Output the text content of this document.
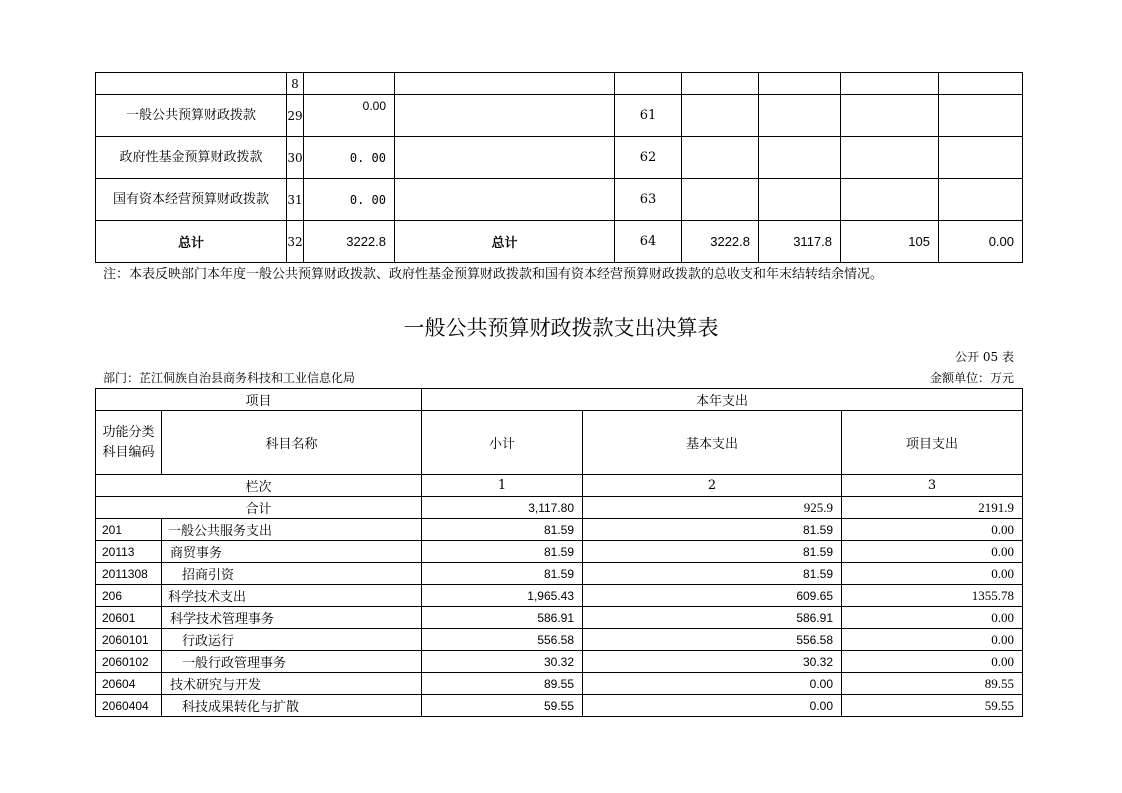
	8							
一般公共预算财政拨款	29	0.00		61				
政府性基金预算财政拨款	30	0. 00		62				
国有资本经营预算财政拨款	31	0. 00		63				
总计	32	3222.8	总计	64	3222.8	3117.8	105	0.00

注：本表反映部门本年度一般公共预算财政拨款、政府性基金预算财政拨款和国有资本经营预算财政拨款的总收支和年末结转结余情况。

一般公共预算财政拨款支出决算表

公开 05 表

部门：芷江侗族自治县商务科技和工业信息化局	金额单位：万元

项目		本年支出		
功能分类科目编码	科目名称	小计	基本支出	项目支出
栏次		1	2	3
合计		3,117.80	925.9	2191.9
201	一般公共服务支出	81.59	81.59	0.00
20113	商贸事务	81.59	81.59	0.00
2011308	招商引资	81.59	81.59	0.00
206	科学技术支出	1,965.43	609.65	1355.78
20601	科学技术管理事务	586.91	586.91	0.00
2060101	行政运行	556.58	556.58	0.00
2060102	一般行政管理事务	30.32	30.32	0.00
20604	技术研究与开发	89.55	0.00	89.55
2060404	科技成果转化与扩散	59.55	0.00	59.55
